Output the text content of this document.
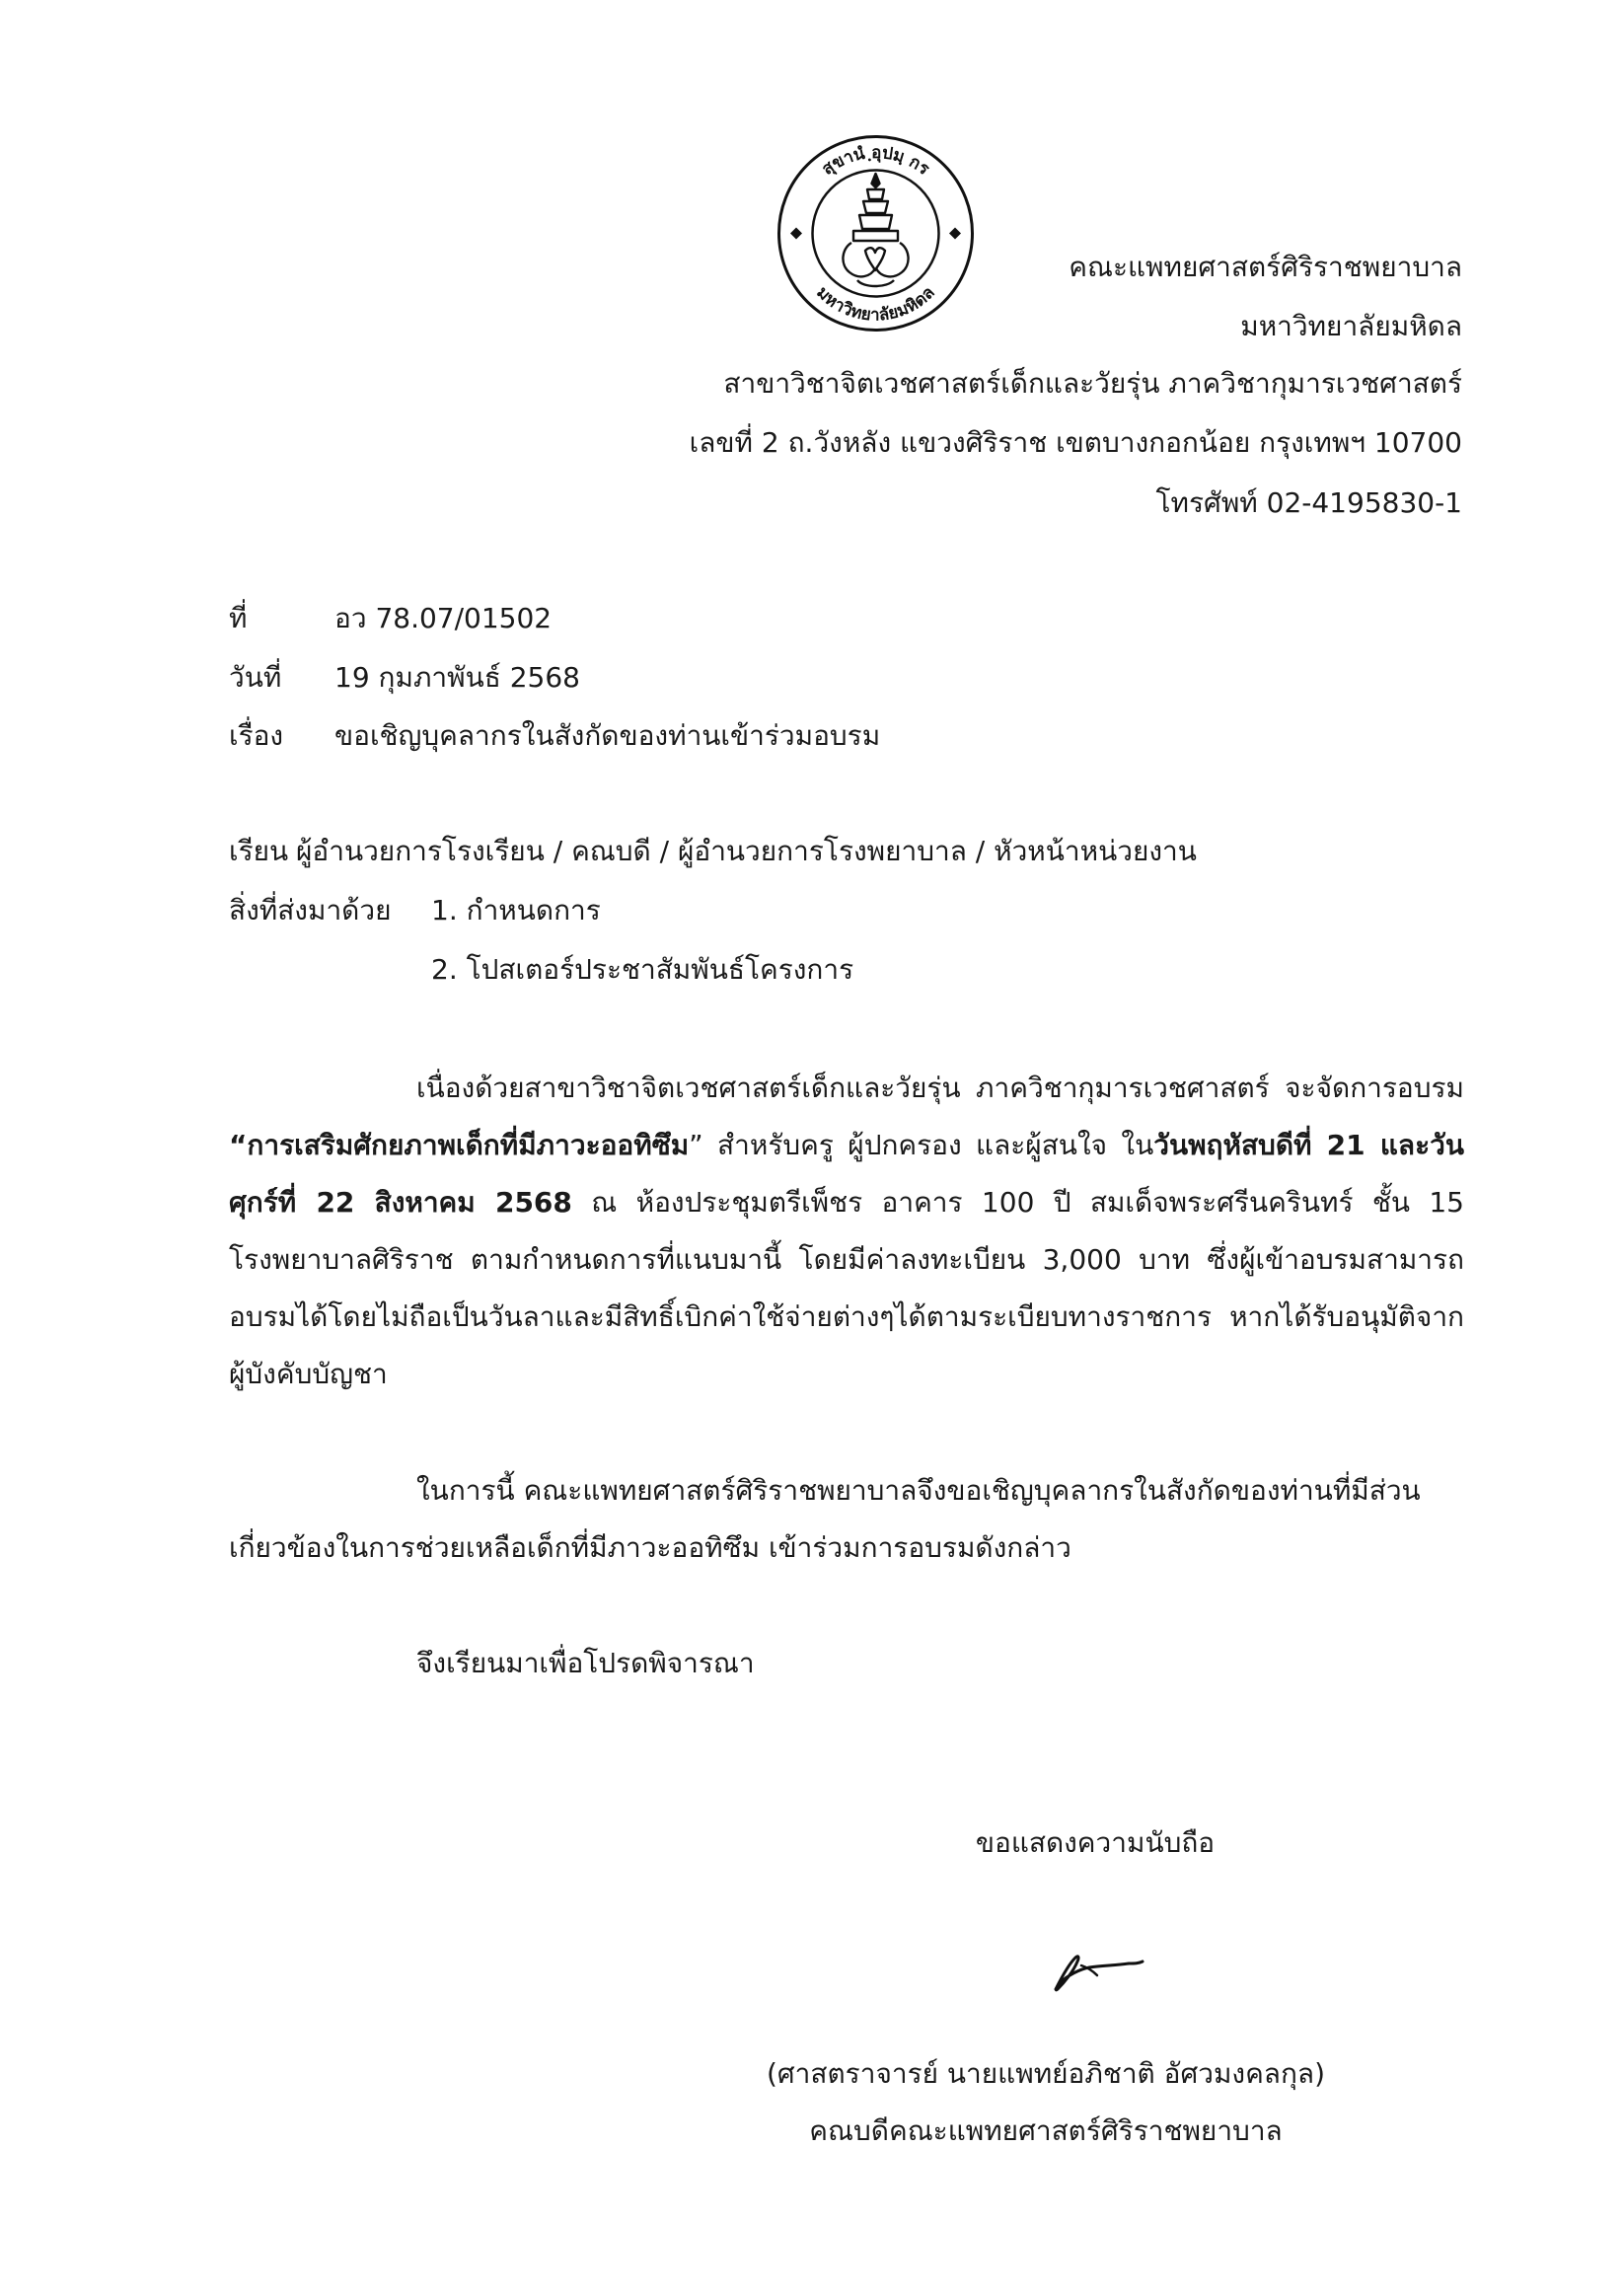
สุขานํ ฺอุปมฺ กร
มหาวิทยาลัยมหิดล
คณะแพทยศาสตร์ศิริราชพยาบาล
มหาวิทยาลัยมหิดล
สาขาวิชาจิตเวชศาสตร์เด็กและวัยรุ่น ภาควิชากุมารเวชศาสตร์
เลขที่ 2 ถ.วังหลัง แขวงศิริราช เขตบางกอกน้อย กรุงเทพฯ 10700
โทรศัพท์ 02-4195830-1
ที่	อว 78.07/01502
วันที่ 19 กุมภาพันธ์ 2568
เรื่อง ขอเชิญบุคลากรในสังกัดของท่านเข้าร่วมอบรม
เรียน ผู้อำนวยการโรงเรียน / คณบดี / ผู้อำนวยการโรงพยาบาล / หัวหน้าหน่วยงาน
สิ่งที่ส่งมาด้วย 1. กำหนดการ
2. โปสเตอร์ประชาสัมพันธ์โครงการ
เนื่องด้วยสาขาวิชาจิตเวชศาสตร์เด็กและวัยรุ่น ภาควิชากุมารเวชศาสตร์ จะจัดการอบรม
“การเสริมศักยภาพเด็กที่มีภาวะออทิซึม” สำหรับครู ผู้ปกครอง และผู้สนใจ ในวันพฤหัสบดีที่ 21 และวัน
ศุกร์ที่ 22 สิงหาคม 2568 ณ ห้องประชุมตรีเพ็ชร อาคาร 100 ปี สมเด็จพระศรีนครินทร์ ชั้น 15
โรงพยาบาลศิริราช ตามกำหนดการที่แนบมานี้ โดยมีค่าลงทะเบียน 3,000 บาท ซึ่งผู้เข้าอบรมสามารถ
อบรมได้โดยไม่ถือเป็นวันลาและมีสิทธิ์เบิกค่าใช้จ่ายต่างๆได้ตามระเบียบทางราชการ หากได้รับอนุมัติจาก
ผู้บังคับบัญชา
ในการนี้ คณะแพทยศาสตร์ศิริราชพยาบาลจึงขอเชิญบุคลากรในสังกัดของท่านที่มีส่วน
เกี่ยวข้องในการช่วยเหลือเด็กที่มีภาวะออทิซึม เข้าร่วมการอบรมดังกล่าว
จึงเรียนมาเพื่อโปรดพิจารณา
ขอแสดงความนับถือ
(ศาสตราจารย์ นายแพทย์อภิชาติ อัศวมงคลกุล)
คณบดีคณะแพทยศาสตร์ศิริราชพยาบาล
